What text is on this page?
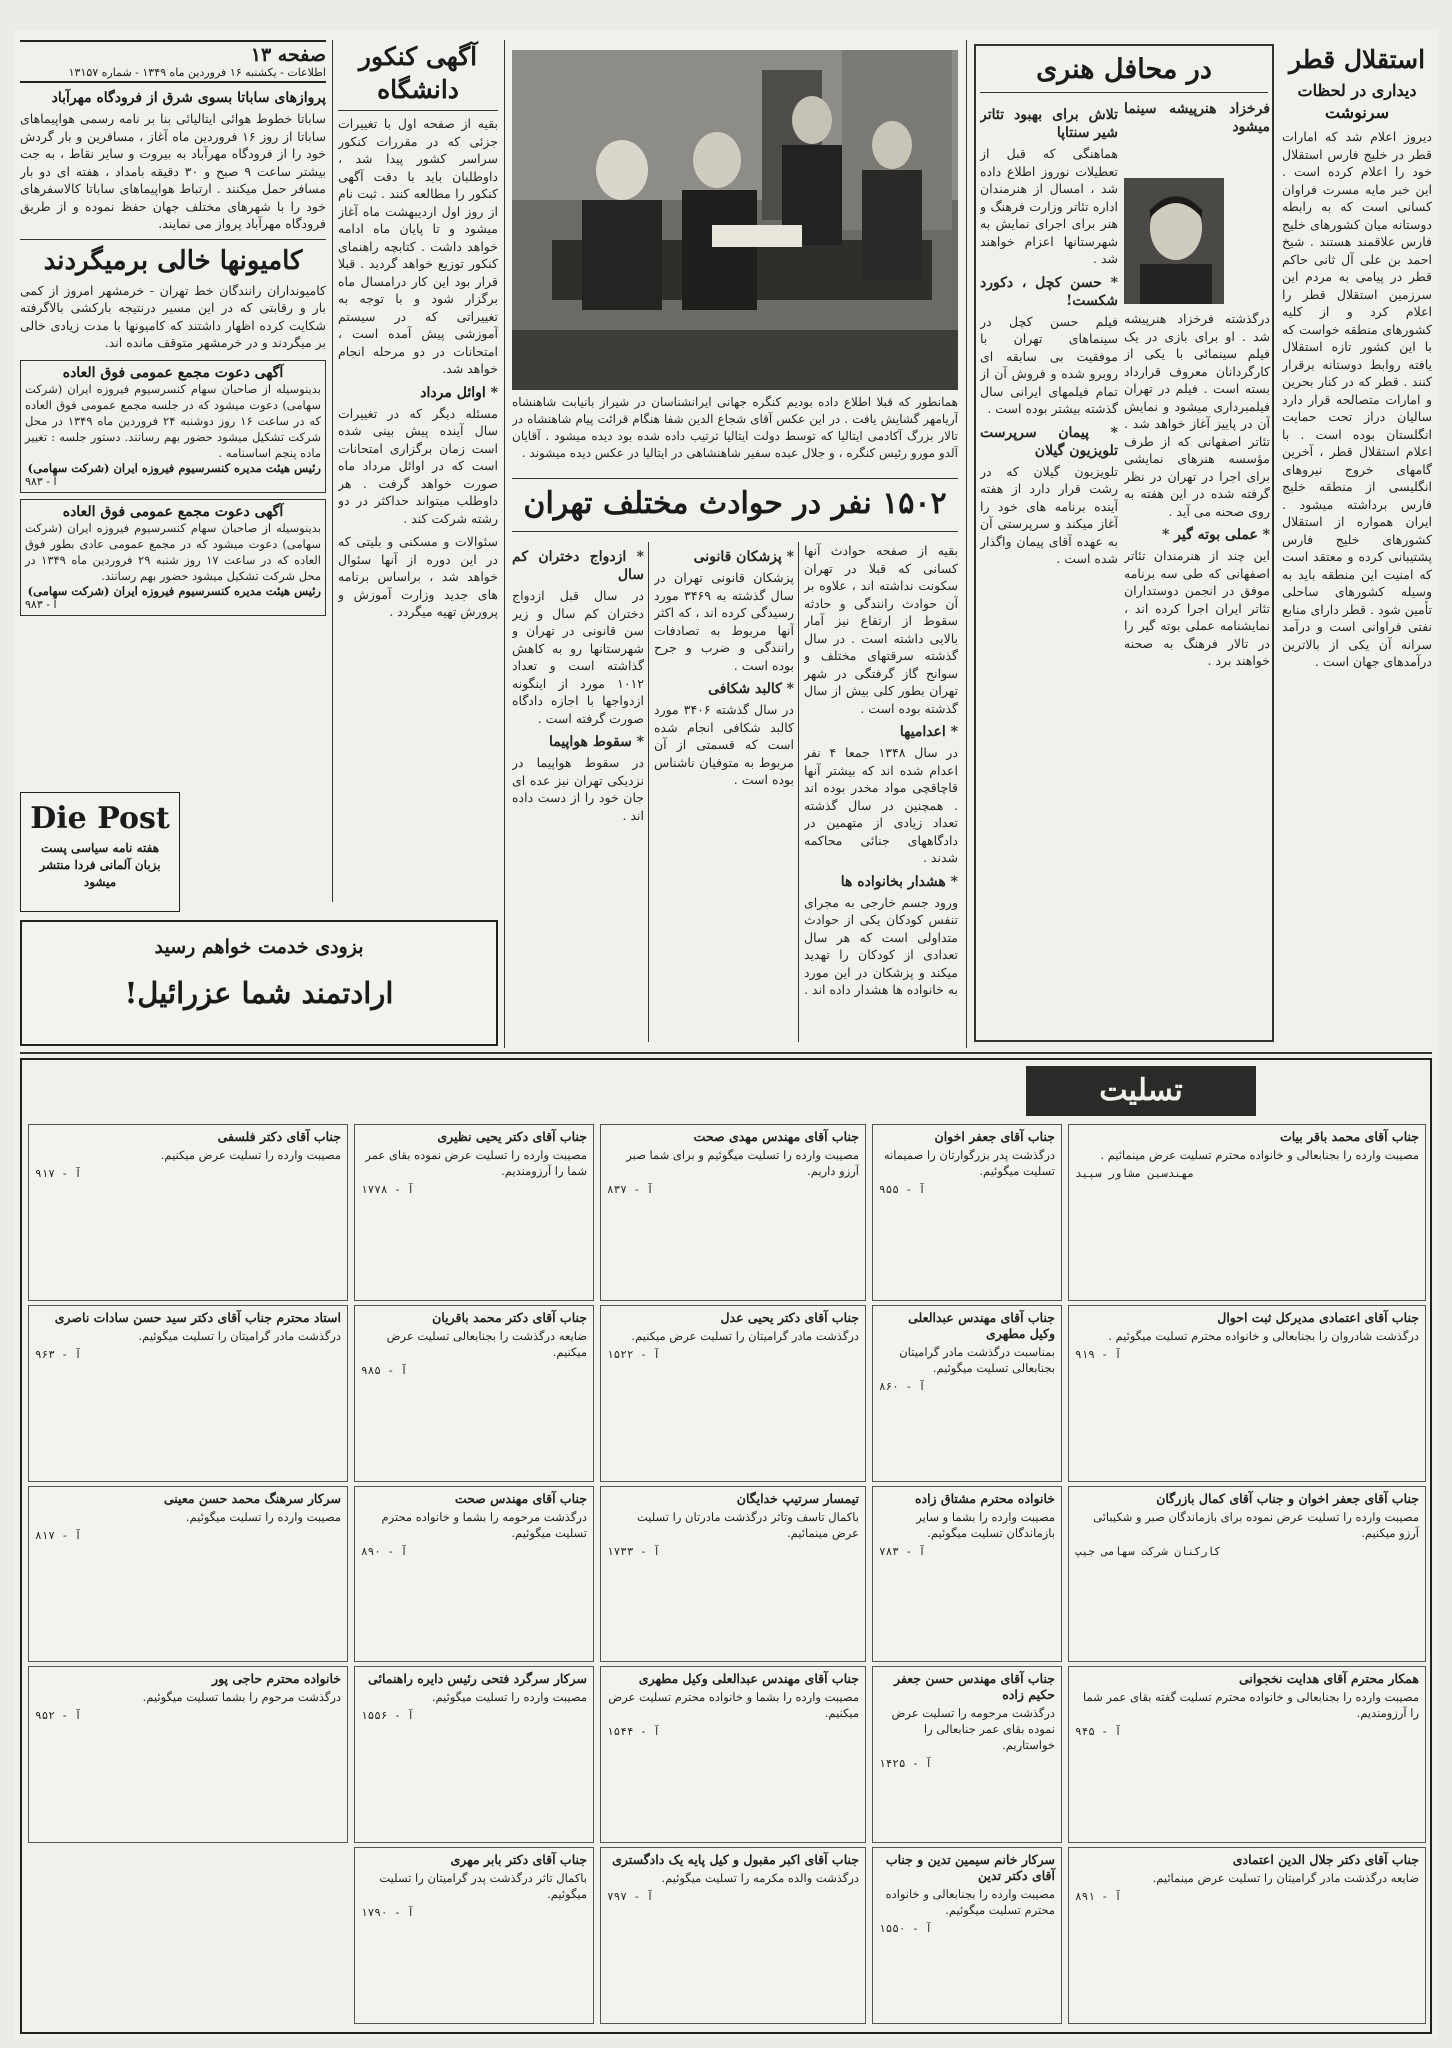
صفحه ۱۳
اطلاعات - یکشنبه ۱۶ فروردین ماه ۱۳۴۹ - شماره ۱۳۱۵۷
پروازهای ساباتا بسوی شرق از فرودگاه مهرآباد
ساباتا خطوط هوائی ایتالیائی بنا بر نامه رسمی هواپیماهای ساباتا از روز ۱۶ فروردین ماه آغاز ، مسافرین و بار گردش خود را از فرودگاه مهرآباد به بیروت و سایر نقاط ، به جت بیشتر ساعت ۹ صبح و ۳۰ دقیقه بامداد ، هفته ای دو بار مسافر حمل میکنند . ارتباط هواپیماهای ساباتا کالاسفرهای خود را با شهرهای مختلف جهان حفظ نموده و از طریق فرودگاه مهرآباد پرواز می نمایند.
کامیونها خالی برمیگردند
کامیونداران رانندگان خط تهران - خرمشهر امروز از کمی بار و رقابتی که در این مسیر درنتیجه بارکشی بالاگرفته شکایت کرده اظهار داشتند که کامیونها با مدت زیادی خالی بر میگردند و در خرمشهر متوقف مانده اند.
آگهی دعوت مجمع عمومی فوق العاده
بدینوسیله از صاحبان سهام کنسرسیوم فیروزه ایران (شرکت سهامی) دعوت میشود که در جلسه مجمع عمومی فوق العاده که در ساعت ۱۶ روز دوشنبه ۲۴ فروردین ماه ۱۳۴۹ در محل شرکت تشکیل میشود حضور بهم رسانند. دستور جلسه : تغییر ماده پنجم اساسنامه .
رئیس هیئت مدیره کنسرسیوم فیروزه ایران (شرکت سهامی)
آ - ۹۸۳
آگهی دعوت مجمع عمومی فوق العاده
بدینوسیله از صاحبان سهام کنسرسیوم فیروزه ایران (شرکت سهامی) دعوت میشود که در مجمع عمومی عادی بطور فوق العاده که در ساعت ۱۷ روز شنبه ۲۹ فروردین ماه ۱۳۴۹ در محل شرکت تشکیل میشود حضور بهم رسانند.
رئیس هیئت مدیره کنسرسیوم فیروزه ایران (شرکت سهامی)
آ - ۹۸۳
Die Post
هفته نامه سیاسی پست بزبان آلمانی فردا منتشر میشود
آگهی کنکور دانشگاه
بقیه از صفحه اول با تغییرات جزئی که در مقررات کنکور سراسر کشور پیدا شد ، داوطلبان باید با دقت آگهی کنکور را مطالعه کنند . ثبت نام از روز اول اردیبهشت ماه آغاز میشود و تا پایان ماه ادامه خواهد داشت . کتابچه راهنمای کنکور توزیع خواهد گردید . قبلا قرار بود این کار درامسال ماه برگزار شود و با توجه به تغییراتی که در سیستم آموزشی پیش آمده است ، امتحانات در دو مرحله انجام خواهد شد.
* اوائل مرداد
مسئله دیگر که در تغییرات سال آینده پیش بینی شده است زمان برگزاری امتحانات است که در اوائل مرداد ماه صورت خواهد گرفت . هر داوطلب میتواند حداکثر در دو رشته شرکت کند .
سئوالات و مسکنی و بلیتی که در این دوره از آنها سئوال خواهد شد ، براساس برنامه های جدید وزارت آموزش و پرورش تهیه میگردد .
بزودی خدمت خواهم رسید
ارادتمند شما عزرائیل!
همانطور که قبلا اطلاع داده بودیم کنگره جهانی ایرانشناسان در شیراز بانیابت شاهنشاه آریامهر گشایش یافت . در این عکس آقای شجاع الدین شفا هنگام قرائت پیام شاهنشاه در تالار بزرگ آکادمی ایتالیا که توسط دولت ایتالیا ترتیب داده شده بود دیده میشود . آقایان آلدو مورو رئیس کنگره ، و جلال عبده سفیر شاهنشاهی در ایتالیا در عکس دیده میشوند .
۱۵۰۲ نفر در حوادث مختلف تهران
بقیه از صفحه حوادث آنها کسانی که قبلا در تهران سکونت نداشته اند ، علاوه بر آن حوادث رانندگی و حادثه سقوط از ارتفاع نیز آمار بالایی داشته است . در سال گذشته سرقتهای مختلف و سوانح گاز گرفتگی در شهر تهران بطور کلی بیش از سال گذشته بوده است .
* اعدامیها
در سال ۱۳۴۸ جمعا ۴ نفر اعدام شده اند که بیشتر آنها قاچاقچی مواد مخدر بوده اند . همچنین در سال گذشته تعداد زیادی از متهمین در دادگاههای جنائی محاکمه شدند .
* هشدار بخانواده ها
ورود جسم خارجی به مجرای تنفس کودکان یکی از حوادث متداولی است که هر سال تعدادی از کودکان را تهدید میکند و پزشکان در این مورد به خانواده ها هشدار داده اند .
* پزشکان قانونی
پزشکان قانونی تهران در سال گذشته به ۳۴۶۹ مورد رسیدگی کرده اند ، که اکثر آنها مربوط به تصادفات رانندگی و ضرب و جرح بوده است .
* کالبد شکافی
در سال گذشته ۳۴۰۶ مورد کالبد شکافی انجام شده است که قسمتی از آن مربوط به متوفیان ناشناس بوده است .
* ازدواج دختران کم سال
در سال قبل ازدواج دختران کم سال و زیر سن قانونی در تهران و شهرستانها رو به کاهش گذاشته است و تعداد ۱۰۱۲ مورد از اینگونه ازدواجها با اجازه دادگاه صورت گرفته است .
* سقوط هواپیما
در سقوط هواپیما در نزدیکی تهران نیز عده ای جان خود را از دست داده اند .
در محافل هنری
تلاش برای بهبود تئاتر شیر سنتاپا
هماهنگی که قبل از تعطیلات نوروز اطلاع داده شد ، امسال از هنرمندان اداره تئاتر وزارت فرهنگ و هنر برای اجرای نمایش به شهرستانها اعزام خواهند شد .
* حسن کچل ، دکورد شکست!
فیلم حسن کچل در سینماهای تهران با موفقیت بی سابقه ای روبرو شده و فروش آن از تمام فیلمهای ایرانی سال گذشته بیشتر بوده است .
* پیمان سرپرست تلویزیون گیلان
تلویزیون گیلان که در رشت قرار دارد از هفته آینده برنامه های خود را آغاز میکند و سرپرستی آن به عهده آقای پیمان واگذار شده است .
فرخزاد هنرپیشه سینما میشود
درگذشته فرخزاد هنرپیشه شد . او برای بازی در یک فیلم سینمائی با یکی از کارگردانان معروف قرارداد بسته است . فیلم در تهران فیلمبرداری میشود و نمایش آن در پاییز آغاز خواهد شد . تئاتر اصفهانی که از طرف مؤسسه هنرهای نمایشی برای اجرا در تهران در نظر گرفته شده در این هفته به روی صحنه می آید .
* عملی بوته گیر *
این چند از هنرمندان تئاتر اصفهانی که طی سه برنامه موفق در انجمن دوستداران تئاتر ایران اجرا کرده اند ، نمایشنامه عملی بوته گیر را در تالار فرهنگ به صحنه خواهند برد .
استقلال قطر
دیداری در لحظات سرنوشت
دیروز اعلام شد که امارات قطر در خلیج فارس استقلال خود را اعلام کرده است . این خبر مایه مسرت فراوان کسانی است که به رابطه دوستانه میان کشورهای خلیج فارس علاقمند هستند . شیخ احمد بن علی آل ثانی حاکم قطر در پیامی به مردم این سرزمین استقلال قطر را اعلام کرد و از کلیه کشورهای منطقه خواست که با این کشور تازه استقلال یافته روابط دوستانه برقرار کنند . قطر که در کنار بحرین و امارات متصالحه قرار دارد سالیان دراز تحت حمایت انگلستان بوده است . با اعلام استقلال قطر ، آخرین گامهای خروج نیروهای انگلیسی از منطقه خلیج فارس برداشته میشود . ایران همواره از استقلال کشورهای خلیج فارس پشتیبانی کرده و معتقد است که امنیت این منطقه باید به وسیله کشورهای ساحلی تأمین شود . قطر دارای منابع نفتی فراوانی است و درآمد سرانه آن یکی از بالاترین درآمدهای جهان است .
تسلیت
جناب آقای محمد باقر بیات
مصیبت وارده را بجنابعالی و خانواده محترم تسلیت عرض مینمائیم .
مهندسین مشاور سپید
جناب آقای اعتمادی مدیرکل ثبت احوال
درگذشت شادروان را بجنابعالی و خانواده محترم تسلیت میگوئیم .
آ - ۹۱۹
جناب آقای جعفر اخوان و جناب آقای کمال بازرگان
مصیبت وارده را تسلیت عرض نموده برای بازماندگان صبر و شکیبائی آرزو میکنیم.
کارکنان شرکت سهامی جیپ
همکار محترم آقای هدایت نخجوانی
مصیبت وارده را بجنابعالی و خانواده محترم تسلیت گفته بقای عمر شما را آرزومندیم.
آ - ۹۴۵
جناب آقای دکتر جلال الدین اعتمادی
ضایعه درگذشت مادر گرامیتان را تسلیت عرض مینمائیم.
آ - ۸۹۱
جناب آقای جعفر اخوان
درگذشت پدر بزرگوارتان را صمیمانه تسلیت میگوئیم.
آ - ۹۵۵
جناب آقای مهندس عبدالعلی وکیل مطهری
بمناسبت درگذشت مادر گرامیتان بجنابعالی تسلیت میگوئیم.
آ - ۸۶۰
خانواده محترم مشتاق زاده
مصیبت وارده را بشما و سایر بازماندگان تسلیت میگوئیم.
آ - ۷۸۳
جناب آقای مهندس حسن جعفر حکیم زاده
درگذشت مرحومه را تسلیت عرض نموده بقای عمر جنابعالی را خواستاریم.
آ - ۱۴۲۵
سرکار خانم سیمین تدین و جناب آقای دکتر تدین
مصیبت وارده را بجنابعالی و خانواده محترم تسلیت میگوئیم.
آ - ۱۵۵۰
جناب آقای مهندس مهدی صحت
مصیبت وارده را تسلیت میگوئیم و برای شما صبر آرزو داریم.
آ - ۸۳۷
جناب آقای دکتر یحیی عدل
درگذشت مادر گرامیتان را تسلیت عرض میکنیم.
آ - ۱۵۲۲
تیمسار سرتیپ خدایگان
باکمال تاسف وتاثر درگذشت مادرتان را تسلیت عرض مینمائیم.
آ - ۱۷۳۳
جناب آقای مهندس عبدالعلی وکیل مطهری
مصیبت وارده را بشما و خانواده محترم تسلیت عرض میکنیم.
آ - ۱۵۴۴
جناب آقای اکبر مقبول و کیل پایه یک دادگستری
درگذشت والده مکرمه را تسلیت میگوئیم.
آ - ۷۹۷
جناب آقای دکتر یحیی نظیری
مصیبت وارده را تسلیت عرض نموده بقای عمر شما را آرزومندیم.
آ - ۱۷۷۸
جناب آقای دکتر محمد باقریان
ضایعه درگذشت را بجنابعالی تسلیت عرض میکنیم.
آ - ۹۸۵
جناب آقای مهندس صحت
درگذشت مرحومه را بشما و خانواده محترم تسلیت میگوئیم.
آ - ۸۹۰
سرکار سرگرد فتحی رئیس دایره راهنمائی
مصیبت وارده را تسلیت میگوئیم.
آ - ۱۵۵۶
جناب آقای دکتر بابر مهری
باکمال تاثر درگذشت پدر گرامیتان را تسلیت میگوئیم.
آ - ۱۷۹۰
جناب آقای دکتر فلسفی
مصیبت وارده را تسلیت عرض میکنیم.
آ - ۹۱۷
استاد محترم جناب آقای دکتر سید حسن سادات ناصری
درگذشت مادر گرامیتان را تسلیت میگوئیم.
آ - ۹۶۳
سرکار سرهنگ محمد حسن معینی
مصیبت وارده را تسلیت میگوئیم.
آ - ۸۱۷
خانواده محترم حاجی پور
درگذشت مرحوم را بشما تسلیت میگوئیم.
آ - ۹۵۲
